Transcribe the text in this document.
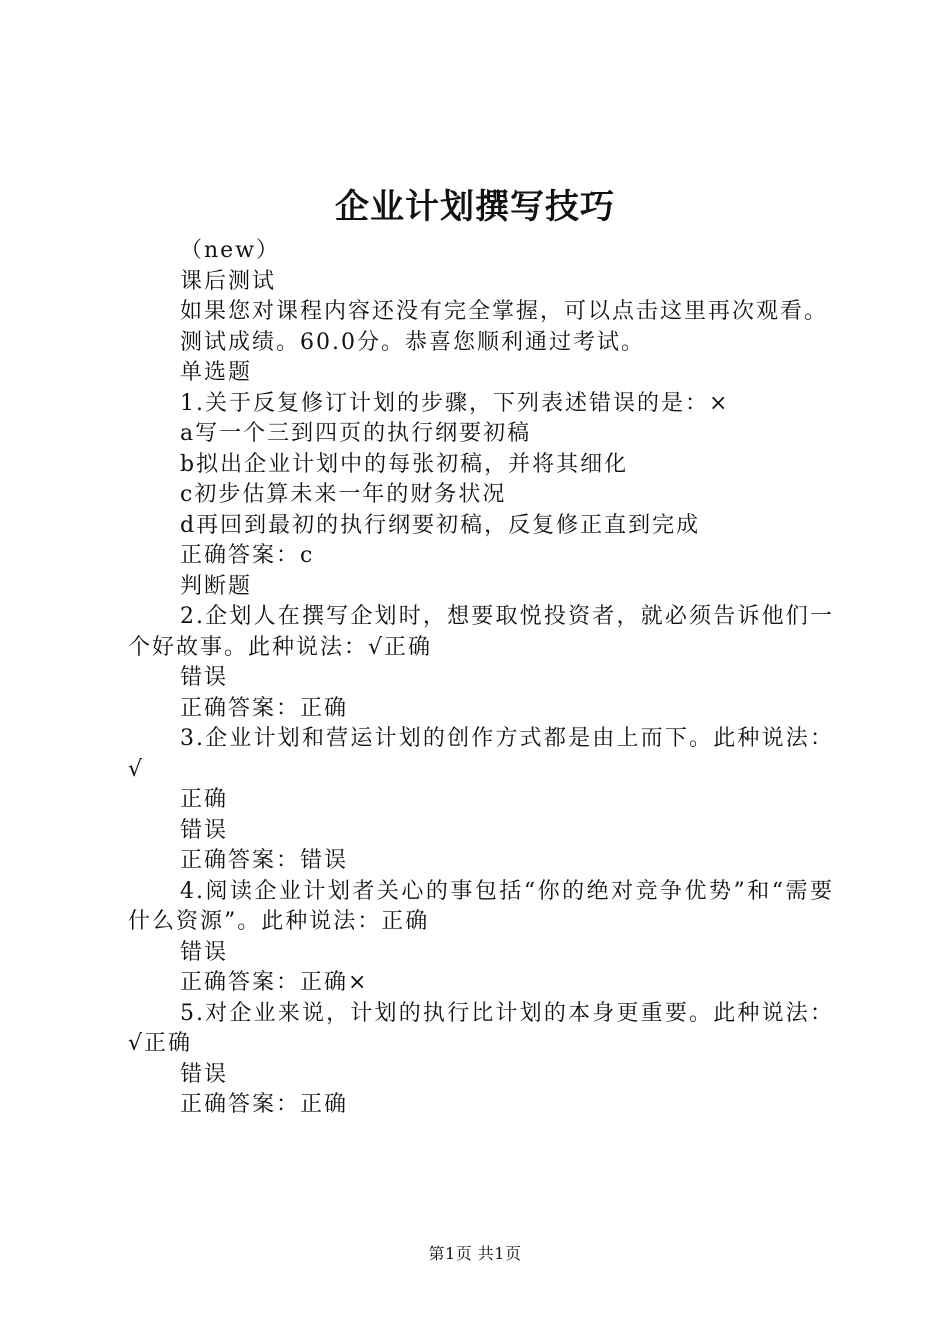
企业计划撰写技巧

（new）

课后测试

如果您对课程内容还没有完全掌握，可以点击这里再次观看。

测试成绩。60.0分。恭喜您顺利通过考试。

单选题

1.关于反复修订计划的步骤，下列表述错误的是：×

a写一个三到四页的执行纲要初稿

b拟出企业计划中的每张初稿，并将其细化

c初步估算未来一年的财务状况

d再回到最初的执行纲要初稿，反复修正直到完成

正确答案：c

判断题

2.企划人在撰写企划时，想要取悦投资者，就必须告诉他们一个好故事。此种说法：√正确

错误

正确答案：正确

3.企业计划和营运计划的创作方式都是由上而下。此种说法：√

正确

错误

正确答案：错误

4.阅读企业计划者关心的事包括“你的绝对竞争优势”和“需要什么资源”。此种说法：正确

错误

正确答案：正确×

5.对企业来说，计划的执行比计划的本身更重要。此种说法：√正确

错误

正确答案：正确

第1页 共1页
